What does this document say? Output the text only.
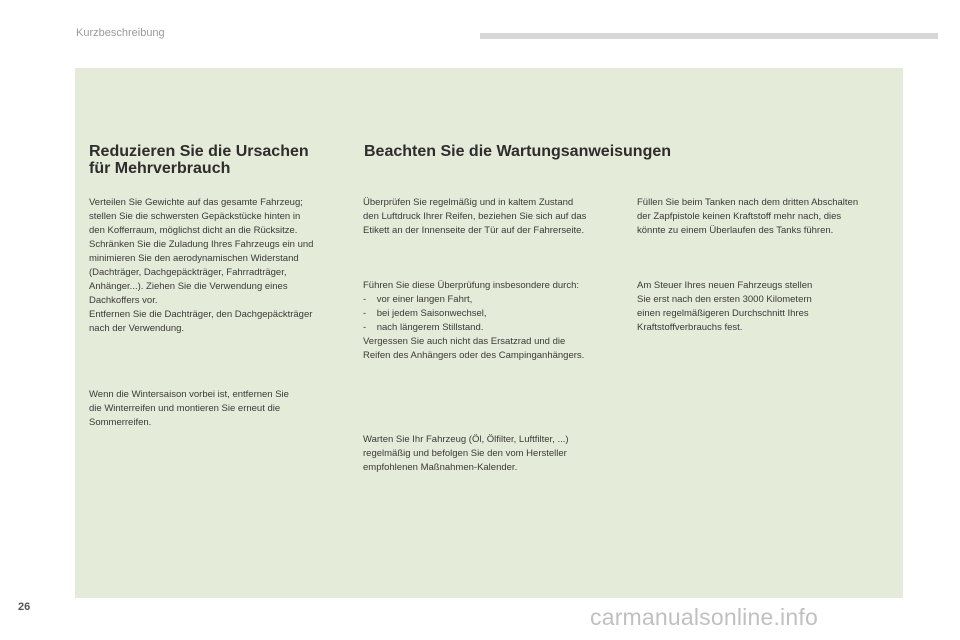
Kurzbeschreibung
Reduzieren Sie die Ursachen
für Mehrverbrauch

Verteilen Sie Gewichte auf das gesamte Fahrzeug;
stellen Sie die schwersten Gepäckstücke hinten in
den Kofferraum, möglichst dicht an die Rücksitze.
Schränken Sie die Zuladung Ihres Fahrzeugs ein und
minimieren Sie den aerodynamischen Widerstand
(Dachträger, Dachgepäckträger, Fahrradträger,
Anhänger...). Ziehen Sie die Verwendung eines
Dachkoffers vor.
Entfernen Sie die Dachträger, den Dachgepäckträger
nach der Verwendung.

Wenn die Wintersaison vorbei ist, entfernen Sie
die Winterreifen und montieren Sie erneut die
Sommerreifen.

Beachten Sie die Wartungsanweisungen

Überprüfen Sie regelmäßig und in kaltem Zustand
den Luftdruck Ihrer Reifen, beziehen Sie sich auf das
Etikett an der Innenseite der Tür auf der Fahrerseite.

Führen Sie diese Überprüfung insbesondere durch:
-    vor einer langen Fahrt,
-    bei jedem Saisonwechsel,
-    nach längerem Stillstand.
Vergessen Sie auch nicht das Ersatzrad und die
Reifen des Anhängers oder des Campinganhängers.

Warten Sie Ihr Fahrzeug (Öl, Ölfilter, Luftfilter, ...)
regelmäßig und befolgen Sie den vom Hersteller
empfohlenen Maßnahmen-Kalender.

Füllen Sie beim Tanken nach dem dritten Abschalten
der Zapfpistole keinen Kraftstoff mehr nach, dies
könnte zu einem Überlaufen des Tanks führen.

Am Steuer Ihres neuen Fahrzeugs stellen
Sie erst nach den ersten 3000 Kilometern
einen regelmäßigeren Durchschnitt Ihres
Kraftstoffverbrauchs fest.

26	carmanualsonline.info
